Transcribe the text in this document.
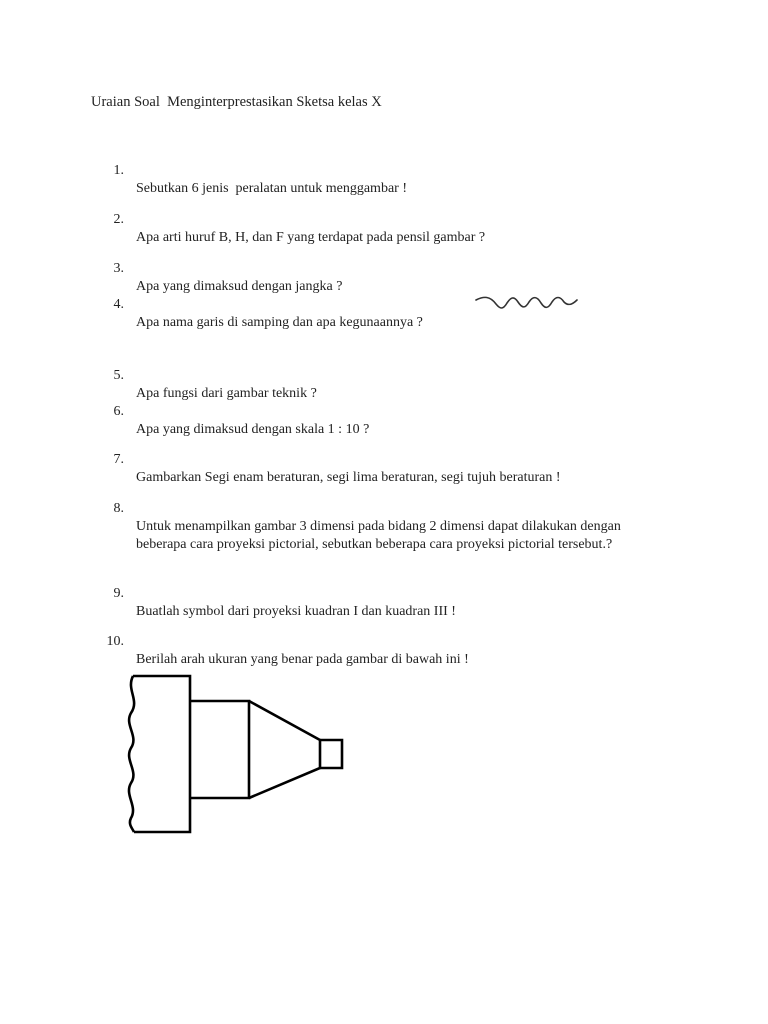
Uraian Soal  Menginterprestasikan Sketsa kelas X

1.

Sebutkan 6 jenis  peralatan untuk menggambar !

2.

Apa arti huruf B, H, dan F yang terdapat pada pensil gambar ?

3.

Apa yang dimaksud dengan jangka ?

4.

Apa nama garis di samping dan apa kegunaannya ?

5.

Apa fungsi dari gambar teknik ?

6.

Apa yang dimaksud dengan skala 1 : 10 ?

7.

Gambarkan Segi enam beraturan, segi lima beraturan, segi tujuh beraturan !

8.

Untuk menampilkan gambar 3 dimensi pada bidang 2 dimensi dapat dilakukan dengan

beberapa cara proyeksi pictorial, sebutkan beberapa cara proyeksi pictorial tersebut.?

9.

Buatlah symbol dari proyeksi kuadran I dan kuadran III !

10.

Berilah arah ukuran yang benar pada gambar di bawah ini !
